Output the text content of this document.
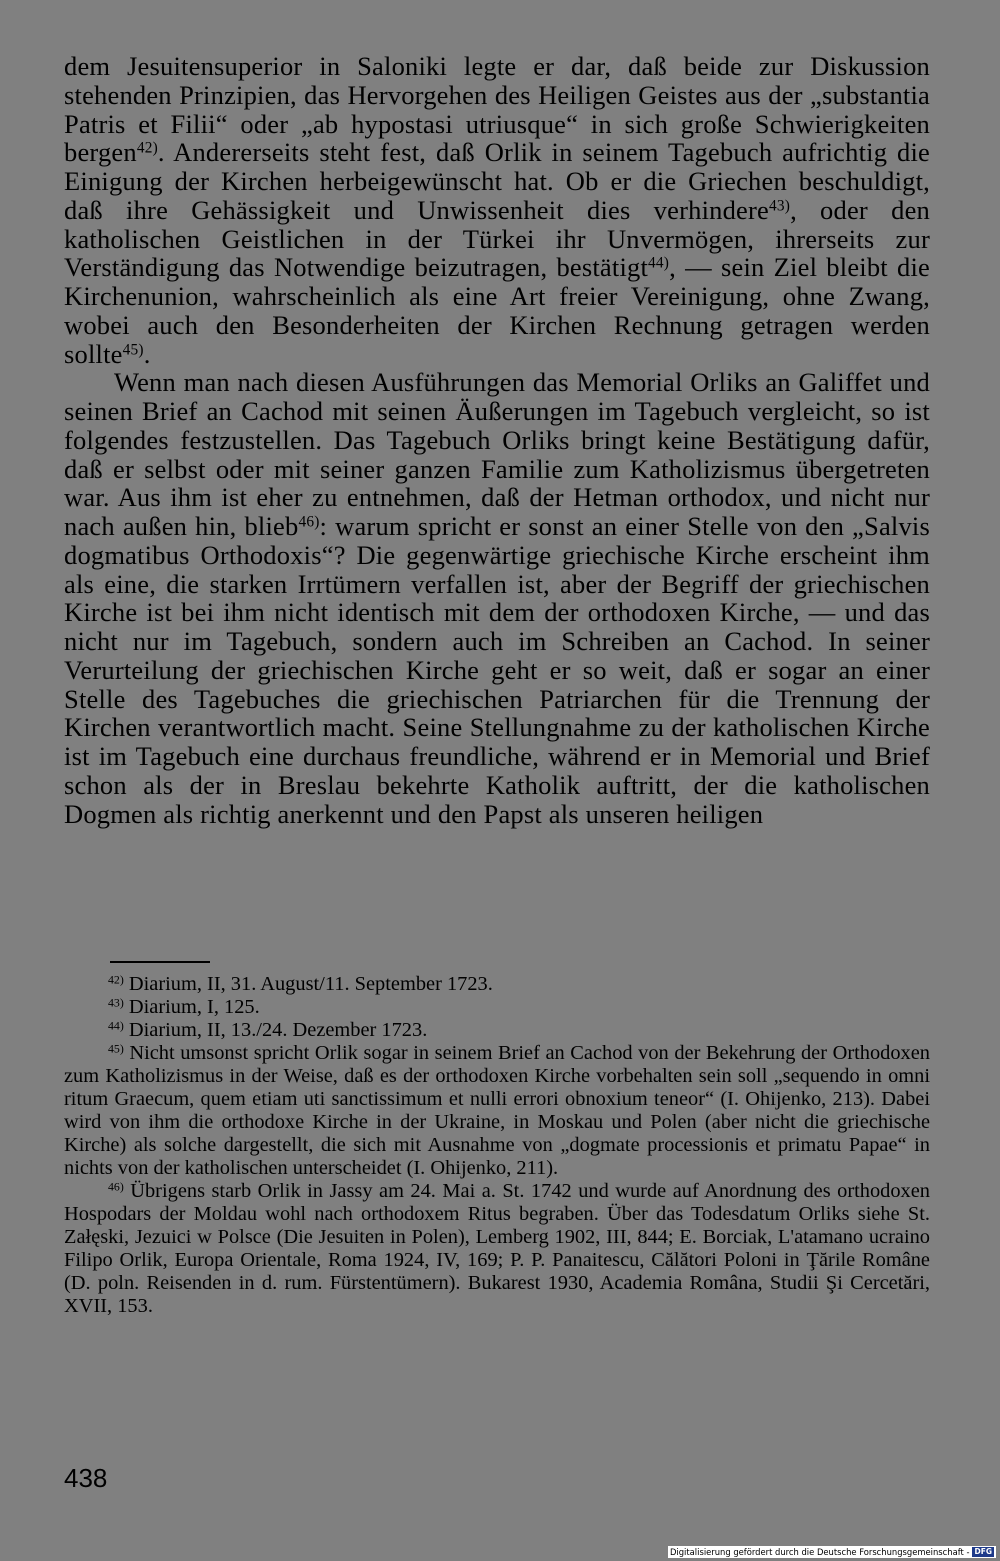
dem Jesuitensuperior in Saloniki legte er dar, daß beide zur Diskussion stehenden Prinzipien, das Hervorgehen des Heiligen Geistes aus der „substantia Patris et Filii“ oder „ab hypostasi utriusque“ in sich große Schwierigkeiten bergen$^{42)}$. Andererseits steht fest, daß Orlik in seinem Tagebuch aufrichtig die Einigung der Kirchen herbeigewünscht hat. Ob er die Griechen beschuldigt, daß ihre Gehässigkeit und Unwissenheit dies verhindere$^{43)}$, oder den katholischen Geistlichen in der Türkei ihr Unvermögen, ihrerseits zur Verständigung das Notwendige beizutragen, bestätigt$^{44)}$, — sein Ziel bleibt die Kirchenunion, wahrscheinlich als eine Art freier Vereinigung, ohne Zwang, wobei auch den Besonderheiten der Kirchen Rechnung getragen werden sollte$^{45)}$.

Wenn man nach diesen Ausführungen das Memorial Orliks an Galiffet und seinen Brief an Cachod mit seinen Äußerungen im Tagebuch vergleicht, so ist folgendes festzustellen. Das Tagebuch Orliks bringt keine Bestätigung dafür, daß er selbst oder mit seiner ganzen Familie zum Katholizismus übergetreten war. Aus ihm ist eher zu entnehmen, daß der Hetman orthodox, und nicht nur nach außen hin, blieb$^{46)}$: warum spricht er sonst an einer Stelle von den „Salvis dogmatibus Orthodoxis“? Die gegenwärtige griechische Kirche erscheint ihm als eine, die starken Irrtümern verfallen ist, aber der Begriff der griechischen Kirche ist bei ihm nicht identisch mit dem der orthodoxen Kirche, — und das nicht nur im Tagebuch, sondern auch im Schreiben an Cachod. In seiner Verurteilung der griechischen Kirche geht er so weit, daß er sogar an einer Stelle des Tagebuches die griechischen Patriarchen für die Trennung der Kirchen verantwortlich macht. Seine Stellungnahme zu der katholischen Kirche ist im Tagebuch eine durchaus freundliche, während er in Memorial und Brief schon als der in Breslau bekehrte Katholik auftritt, der die katholischen Dogmen als richtig anerkennt und den Papst als unseren heiligen

$^{42)}$ Diarium, II, 31. August/11. September 1723.

$^{43)}$ Diarium, I, 125.

$^{44)}$ Diarium, II, 13./24. Dezember 1723.

$^{45)}$ Nicht umsonst spricht Orlik sogar in seinem Brief an Cachod von der Bekehrung der Orthodoxen zum Katholizismus in der Weise, daß es der orthodoxen Kirche vorbehalten sein soll „sequendo in omni ritum Graecum, quem etiam uti sanctissimum et nulli errori obnoxium teneor“ (I. Ohijenko, 213). Dabei wird von ihm die orthodoxe Kirche in der Ukraine, in Moskau und Polen (aber nicht die griechische Kirche) als solche dargestellt, die sich mit Ausnahme von „dogmate processionis et primatu Papae“ in nichts von der katholischen unterscheidet (I. Ohijenko, 211).

$^{46)}$ Übrigens starb Orlik in Jassy am 24. Mai a. St. 1742 und wurde auf Anordnung des orthodoxen Hospodars der Moldau wohl nach orthodoxem Ritus begraben. Über das Todesdatum Orliks siehe St. Załęski, Jezuici w Polsce (Die Jesuiten in Polen), Lemberg 1902, III, 844; E. Borciak, L'atamano ucraino Filipo Orlik, Europa Orientale, Roma 1924, IV, 169; P. P. Panaitescu, Călători Poloni in Ţările Române (D. poln. Reisenden in d. rum. Fürstentümern). Bukarest 1930, Academia Româna, Studii Şi Cercetări, XVII, 153.

438
Digitalisierung gefördert durch die Deutsche Forschungsgemeinschaft - DFG
